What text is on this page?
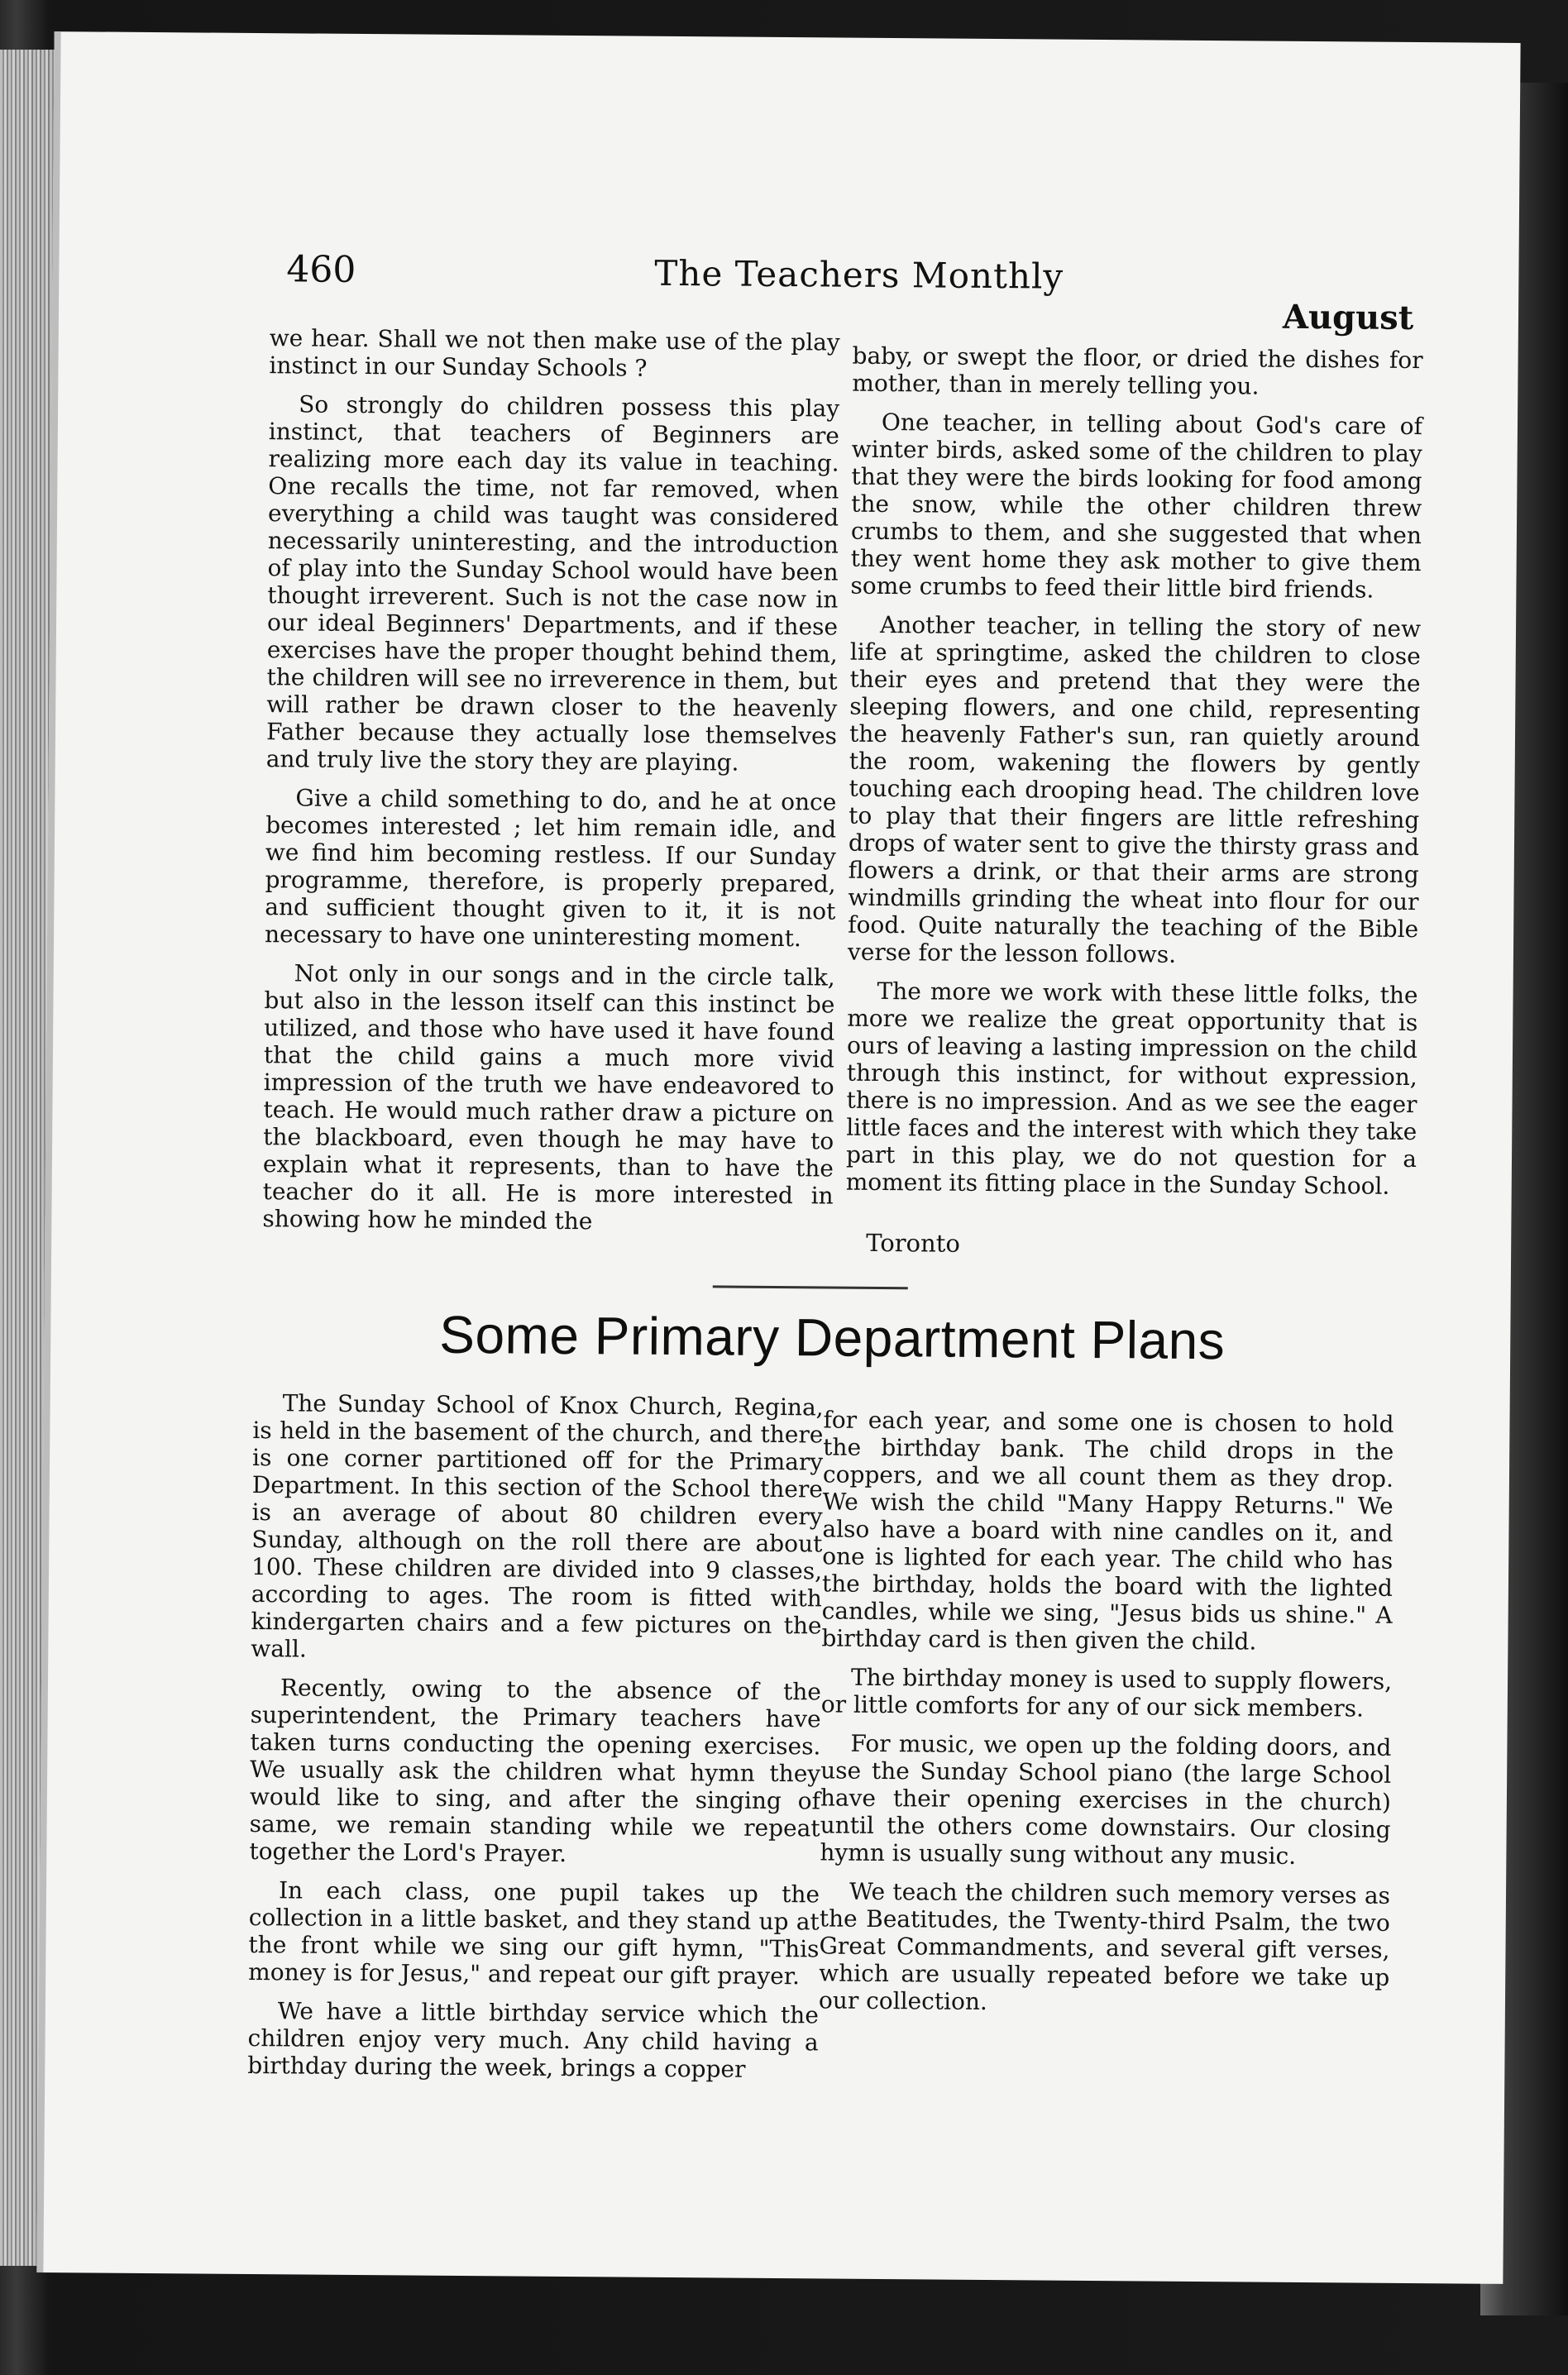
460	The Teachers Monthly
August

we hear. Shall we not then make use of the play instinct in our Sunday Schools ?

So strongly do children possess this play instinct, that teachers of Beginners are realizing more each day its value in teaching. One recalls the time, not far removed, when everything a child was taught was considered necessarily uninteresting, and the introduction of play into the Sunday School would have been thought irreverent. Such is not the case now in our ideal Beginners' Departments, and if these exercises have the proper thought behind them, the children will see no irreverence in them, but will rather be drawn closer to the heavenly Father because they actually lose themselves and truly live the story they are playing.

Give a child something to do, and he at once becomes interested ; let him remain idle, and we find him becoming restless. If our Sunday programme, therefore, is properly prepared, and sufficient thought given to it, it is not necessary to have one uninteresting moment.

Not only in our songs and in the circle talk, but also in the lesson itself can this instinct be utilized, and those who have used it have found that the child gains a much more vivid impression of the truth we have endeavored to teach. He would much rather draw a picture on the blackboard, even though he may have to explain what it represents, than to have the teacher do it all. He is more interested in showing how he minded the

baby, or swept the floor, or dried the dishes for mother, than in merely telling you.

One teacher, in telling about God's care of winter birds, asked some of the children to play that they were the birds looking for food among the snow, while the other children threw crumbs to them, and she suggested that when they went home they ask mother to give them some crumbs to feed their little bird friends.

Another teacher, in telling the story of new life at springtime, asked the children to close their eyes and pretend that they were the sleeping flowers, and one child, representing the heavenly Father's sun, ran quietly around the room, wakening the flowers by gently touching each drooping head. The children love to play that their fingers are little refreshing drops of water sent to give the thirsty grass and flowers a drink, or that their arms are strong windmills grinding the wheat into flour for our food. Quite naturally the teaching of the Bible verse for the lesson follows.

The more we work with these little folks, the more we realize the great opportunity that is ours of leaving a lasting impression on the child through this instinct, for without expression, there is no impression. And as we see the eager little faces and the interest with which they take part in this play, we do not question for a moment its fitting place in the Sunday School.

Toronto
Some Primary Department Plans

The Sunday School of Knox Church, Regina, is held in the basement of the church, and there is one corner partitioned off for the Primary Department. In this section of the School there is an average of about 80 children every Sunday, although on the roll there are about 100. These children are divided into 9 classes, according to ages. The room is fitted with kindergarten chairs and a few pictures on the wall.

Recently, owing to the absence of the superintendent, the Primary teachers have taken turns conducting the opening exercises. We usually ask the children what hymn they would like to sing, and after the singing of same, we remain standing while we repeat together the Lord's Prayer.

In each class, one pupil takes up the collection in a little basket, and they stand up at the front while we sing our gift hymn, "This money is for Jesus," and repeat our gift prayer.

We have a little birthday service which the children enjoy very much. Any child having a birthday during the week, brings a copper

for each year, and some one is chosen to hold the birthday bank. The child drops in the coppers, and we all count them as they drop. We wish the child "Many Happy Returns." We also have a board with nine candles on it, and one is lighted for each year. The child who has the birthday, holds the board with the lighted candles, while we sing, "Jesus bids us shine." A birthday card is then given the child.

The birthday money is used to supply flowers, or little comforts for any of our sick members.

For music, we open up the folding doors, and use the Sunday School piano (the large School have their opening exercises in the church) until the others come downstairs. Our closing hymn is usually sung without any music.

We teach the children such memory verses as the Beatitudes, the Twenty-third Psalm, the two Great Commandments, and several gift verses, which are usually repeated before we take up our collection.
